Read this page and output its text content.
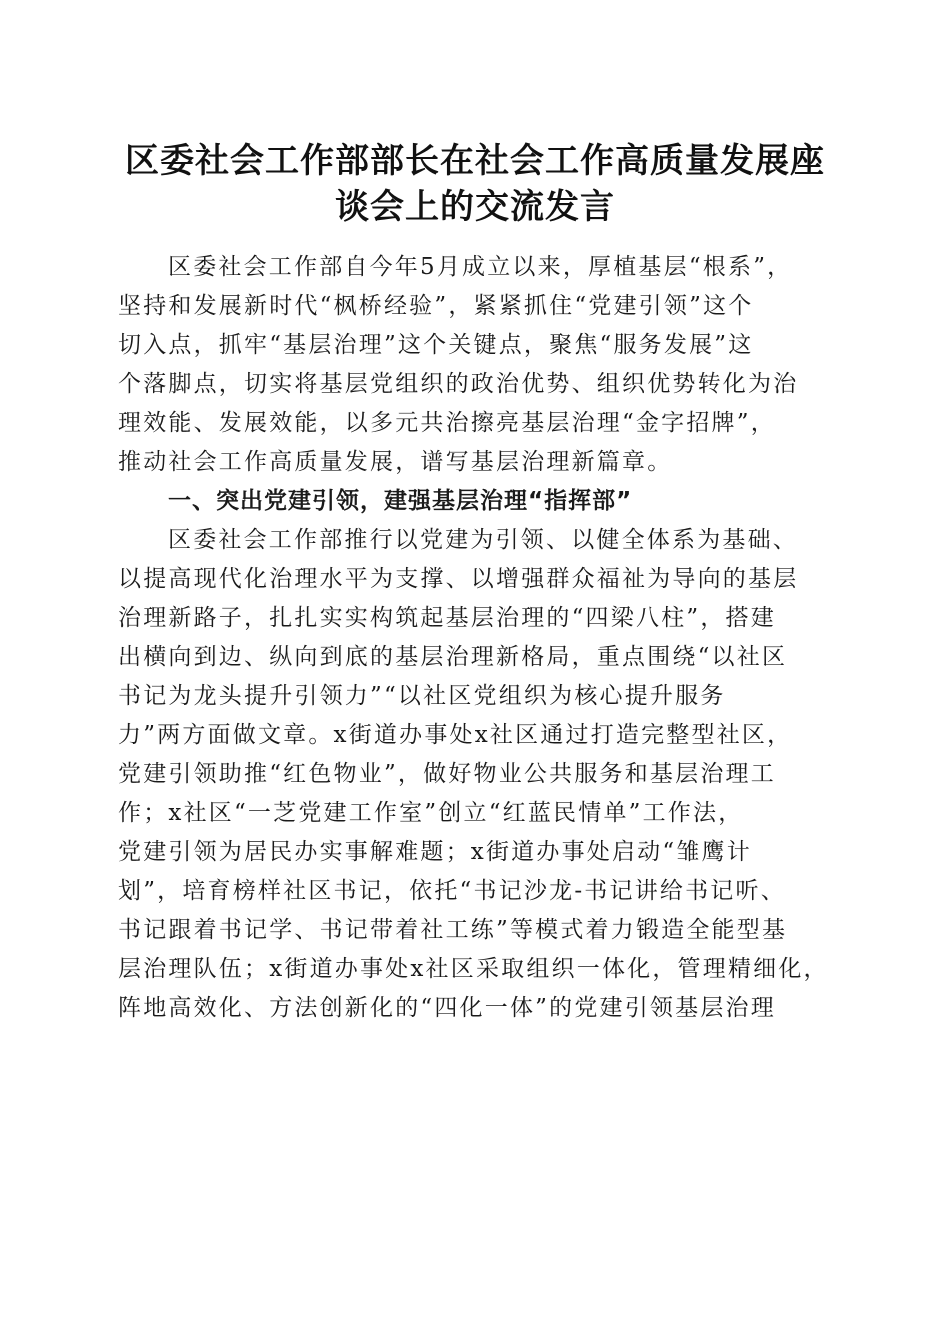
区委社会工作部部长在社会工作高质量发展座
谈会上的交流发言
区委社会工作部自今年5月成立以来，厚植基层“根系”，
坚持和发展新时代“枫桥经验”，紧紧抓住“党建引领”这个
切入点，抓牢“基层治理”这个关键点，聚焦“服务发展”这
个落脚点，切实将基层党组织的政治优势、组织优势转化为治
理效能、发展效能，以多元共治擦亮基层治理“金字招牌”，
推动社会工作高质量发展，谱写基层治理新篇章。
一、突出党建引领，建强基层治理“指挥部”
区委社会工作部推行以党建为引领、以健全体系为基础、
以提高现代化治理水平为支撑、以增强群众福祉为导向的基层
治理新路子，扎扎实实构筑起基层治理的“四梁八柱”，搭建
出横向到边、纵向到底的基层治理新格局，重点围绕“以社区
书记为龙头提升引领力”“以社区党组织为核心提升服务
力”两方面做文章。x街道办事处x社区通过打造完整型社区，
党建引领助推“红色物业”，做好物业公共服务和基层治理工
作；x社区“一芝党建工作室”创立“红蓝民情单”工作法，
党建引领为居民办实事解难题；x街道办事处启动“雏鹰计
划”，培育榜样社区书记，依托“书记沙龙-书记讲给书记听、
书记跟着书记学、书记带着社工练”等模式着力锻造全能型基
层治理队伍；x街道办事处x社区采取组织一体化，管理精细化，
阵地高效化、方法创新化的“四化一体”的党建引领基层治理
